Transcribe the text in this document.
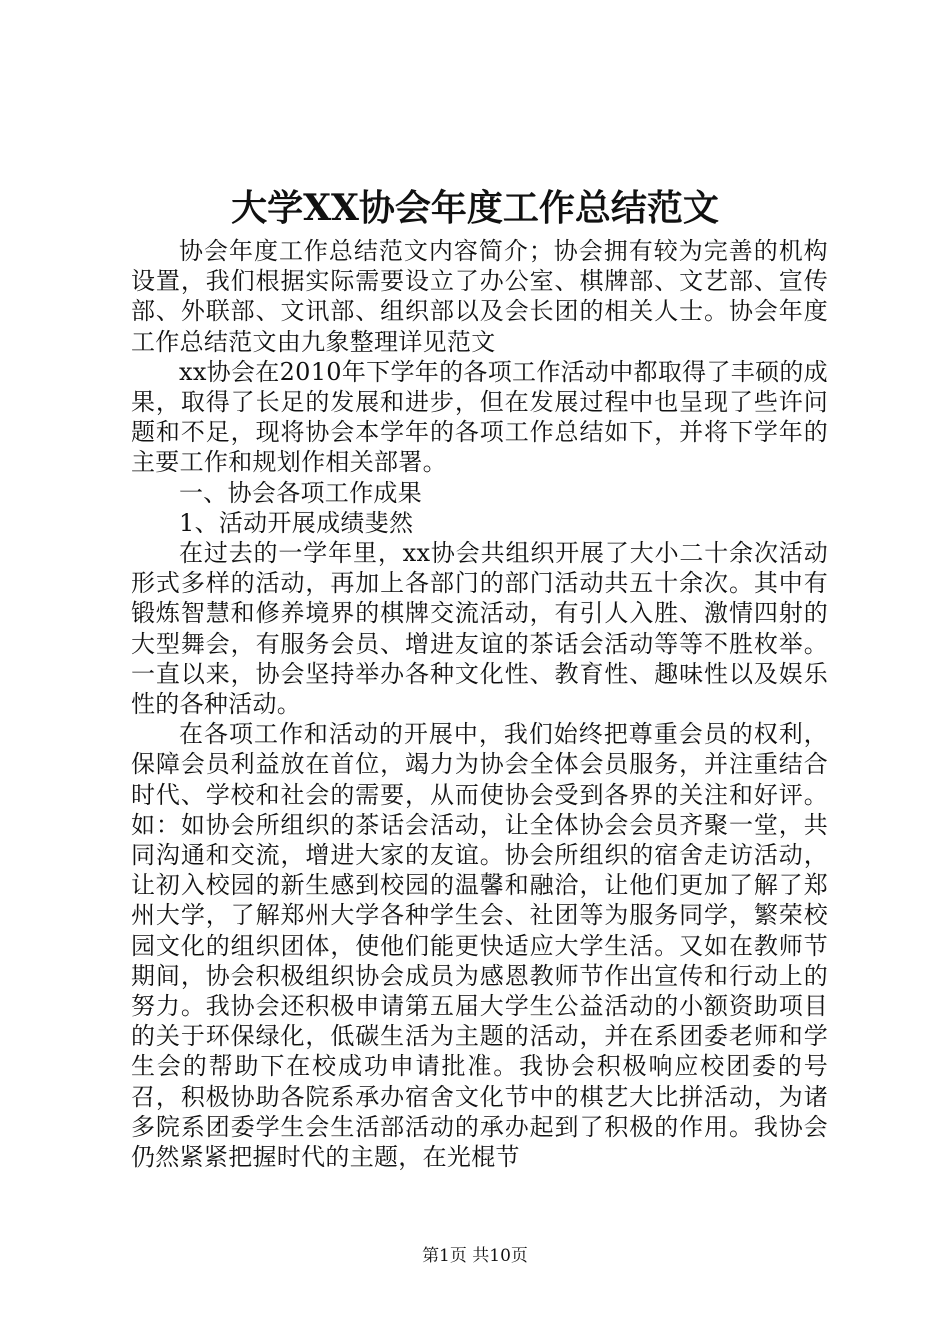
大学XX协会年度工作总结范文

协会年度工作总结范文内容简介；协会拥有较为完善的机构设置，我们根据实际需要设立了办公室、棋牌部、文艺部、宣传部、外联部、文讯部、组织部以及会长团的相关人士。协会年度工作总结范文由九象整理详见范文

xx协会在2010年下学年的各项工作活动中都取得了丰硕的成果，取得了长足的发展和进步，但在发展过程中也呈现了些许问题和不足，现将协会本学年的各项工作总结如下，并将下学年的主要工作和规划作相关部署。

一、协会各项工作成果

1、活动开展成绩斐然

在过去的一学年里，xx协会共组织开展了大小二十余次活动形式多样的活动，再加上各部门的部门活动共五十余次。其中有锻炼智慧和修养境界的棋牌交流活动，有引人入胜、激情四射的大型舞会，有服务会员、增进友谊的茶话会活动等等不胜枚举。一直以来，协会坚持举办各种文化性、教育性、趣味性以及娱乐性的各种活动。

在各项工作和活动的开展中，我们始终把尊重会员的权利，保障会员利益放在首位，竭力为协会全体会员服务，并注重结合时代、学校和社会的需要，从而使协会受到各界的关注和好评。如：如协会所组织的茶话会活动，让全体协会会员齐聚一堂，共同沟通和交流，增进大家的友谊。协会所组织的宿舍走访活动，让初入校园的新生感到校园的温馨和融洽，让他们更加了解了郑州大学，了解郑州大学各种学生会、社团等为服务同学，繁荣校园文化的组织团体，使他们能更快适应大学生活。又如在教师节期间，协会积极组织协会成员为感恩教师节作出宣传和行动上的努力。我协会还积极申请第五届大学生公益活动的小额资助项目的关于环保绿化，低碳生活为主题的活动，并在系团委老师和学生会的帮助下在校成功申请批准。我协会积极响应校团委的号召，积极协助各院系承办宿舍文化节中的棋艺大比拼活动，为诸多院系团委学生会生活部活动的承办起到了积极的作用。我协会仍然紧紧把握时代的主题，在光棍节

第1页 共10页
